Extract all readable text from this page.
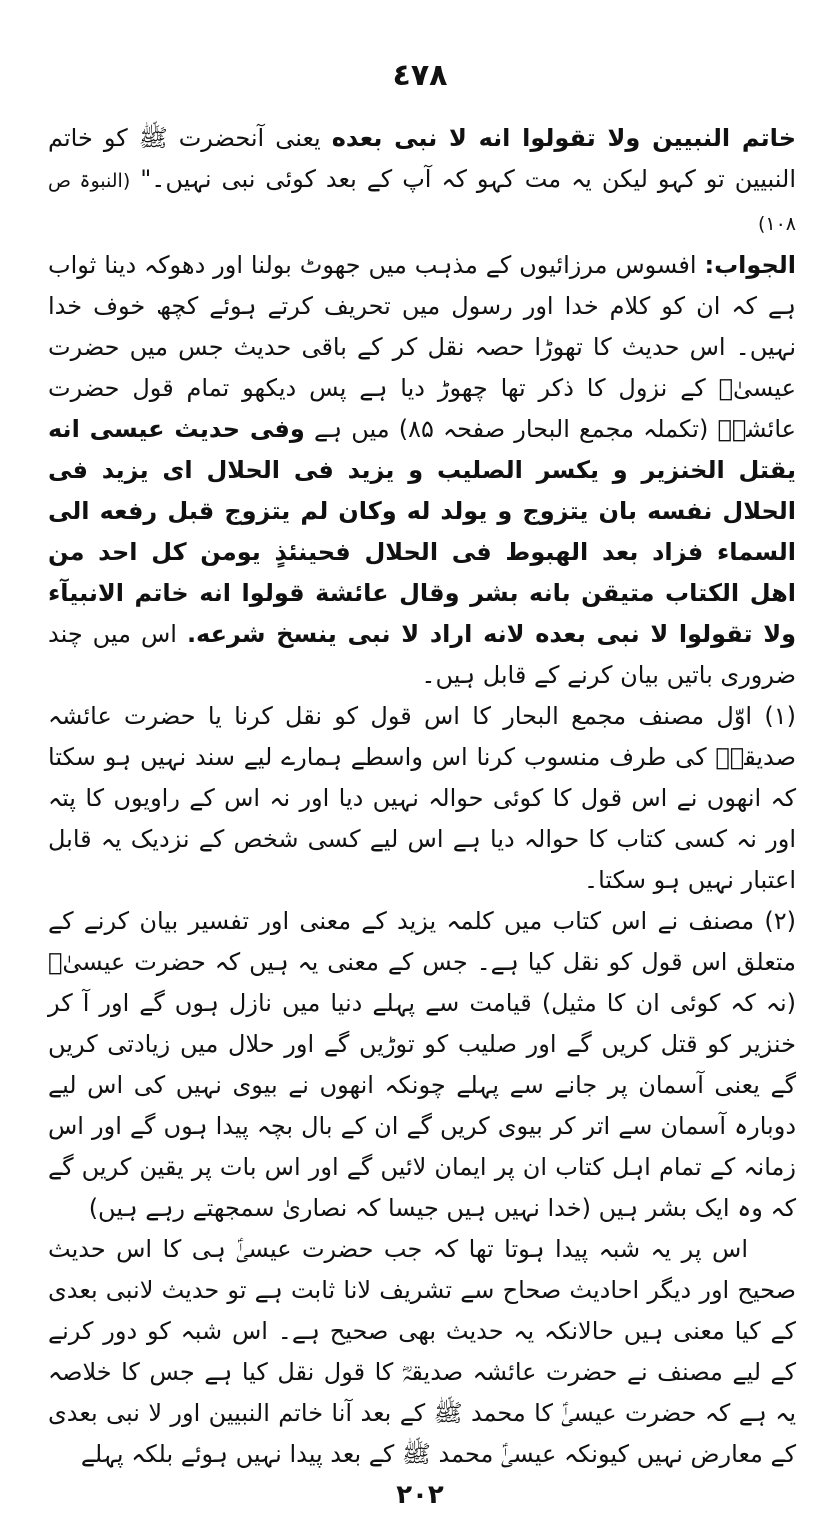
٤٧٨

خاتم النبیین ولا تقولوا انه لا نبی بعده یعنی آنحضرت ﷺ کو خاتم النبیین تو کہو لیکن یہ مت کہو کہ آپ کے بعد کوئی نبی نہیں۔" (النبوۃ ص ۱۰۸)

الجواب: افسوس مرزائیوں کے مذہب میں جھوٹ بولنا اور دھوکہ دینا ثواب ہے کہ ان کو کلام خدا اور رسول میں تحریف کرتے ہوئے کچھ خوف خدا نہیں۔ اس حدیث کا تھوڑا حصہ نقل کر کے باقی حدیث جس میں حضرت عیسیٰؑ کے نزول کا ذکر تھا چھوڑ دیا ہے پس دیکھو تمام قول حضرت عائشہؓ (تکملہ مجمع البحار صفحہ ۸۵) میں ہے وفی حدیث عیسی انه یقتل الخنزیر و یکسر الصلیب و یزید فی الحلال ای یزید فی الحلال نفسه بان یتزوج و یولد له وکان لم یتزوج قبل رفعه الی السماء فزاد بعد الهبوط فی الحلال فحینئذٍ یومن کل احد من اهل الکتاب متیقن بانه بشر وقال عائشة قولوا انه خاتم الانبیآء ولا تقولوا لا نبی بعده لانه اراد لا نبی ینسخ شرعه. اس میں چند ضروری باتیں بیان کرنے کے قابل ہیں۔

(۱) اوّل مصنف مجمع البحار کا اس قول کو نقل کرنا یا حضرت عائشہ صدیقہؓ کی طرف منسوب کرنا اس واسطے ہمارے لیے سند نہیں ہو سکتا کہ انھوں نے اس قول کا کوئی حوالہ نہیں دیا اور نہ اس کے راویوں کا پتہ اور نہ کسی کتاب کا حوالہ دیا ہے اس لیے کسی شخص کے نزدیک یہ قابل اعتبار نہیں ہو سکتا۔

(۲) مصنف نے اس کتاب میں کلمہ یزید کے معنی اور تفسیر بیان کرنے کے متعلق اس قول کو نقل کیا ہے۔ جس کے معنی یہ ہیں کہ حضرت عیسیٰؑ (نہ کہ کوئی ان کا مثیل) قیامت سے پہلے دنیا میں نازل ہوں گے اور آ کر خنزیر کو قتل کریں گے اور صلیب کو توڑیں گے اور حلال میں زیادتی کریں گے یعنی آسمان پر جانے سے پہلے چونکہ انھوں نے بیوی نہیں کی اس لیے دوبارہ آسمان سے اتر کر بیوی کریں گے ان کے بال بچہ پیدا ہوں گے اور اس زمانہ کے تمام اہل کتاب ان پر ایمان لائیں گے اور اس بات پر یقین کریں گے کہ وہ ایک بشر ہیں (خدا نہیں ہیں جیسا کہ نصاریٰ سمجھتے رہے ہیں)

اس پر یہ شبہ پیدا ہوتا تھا کہ جب حضرت عیسیٰؑ ہی کا اس حدیث صحیح اور دیگر احادیث صحاح سے تشریف لانا ثابت ہے تو حدیث لانبی بعدی کے کیا معنی ہیں حالانکہ یہ حدیث بھی صحیح ہے۔ اس شبہ کو دور کرنے کے لیے مصنف نے حضرت عائشہ صدیقہؓ کا قول نقل کیا ہے جس کا خلاصہ یہ ہے کہ حضرت عیسیٰؑ کا محمد ﷺ کے بعد آنا خاتم النبیین اور لا نبی بعدی کے معارض نہیں کیونکہ عیسیٰؑ محمد ﷺ کے بعد پیدا نہیں ہوئے بلکہ پہلے

٢٠٢
